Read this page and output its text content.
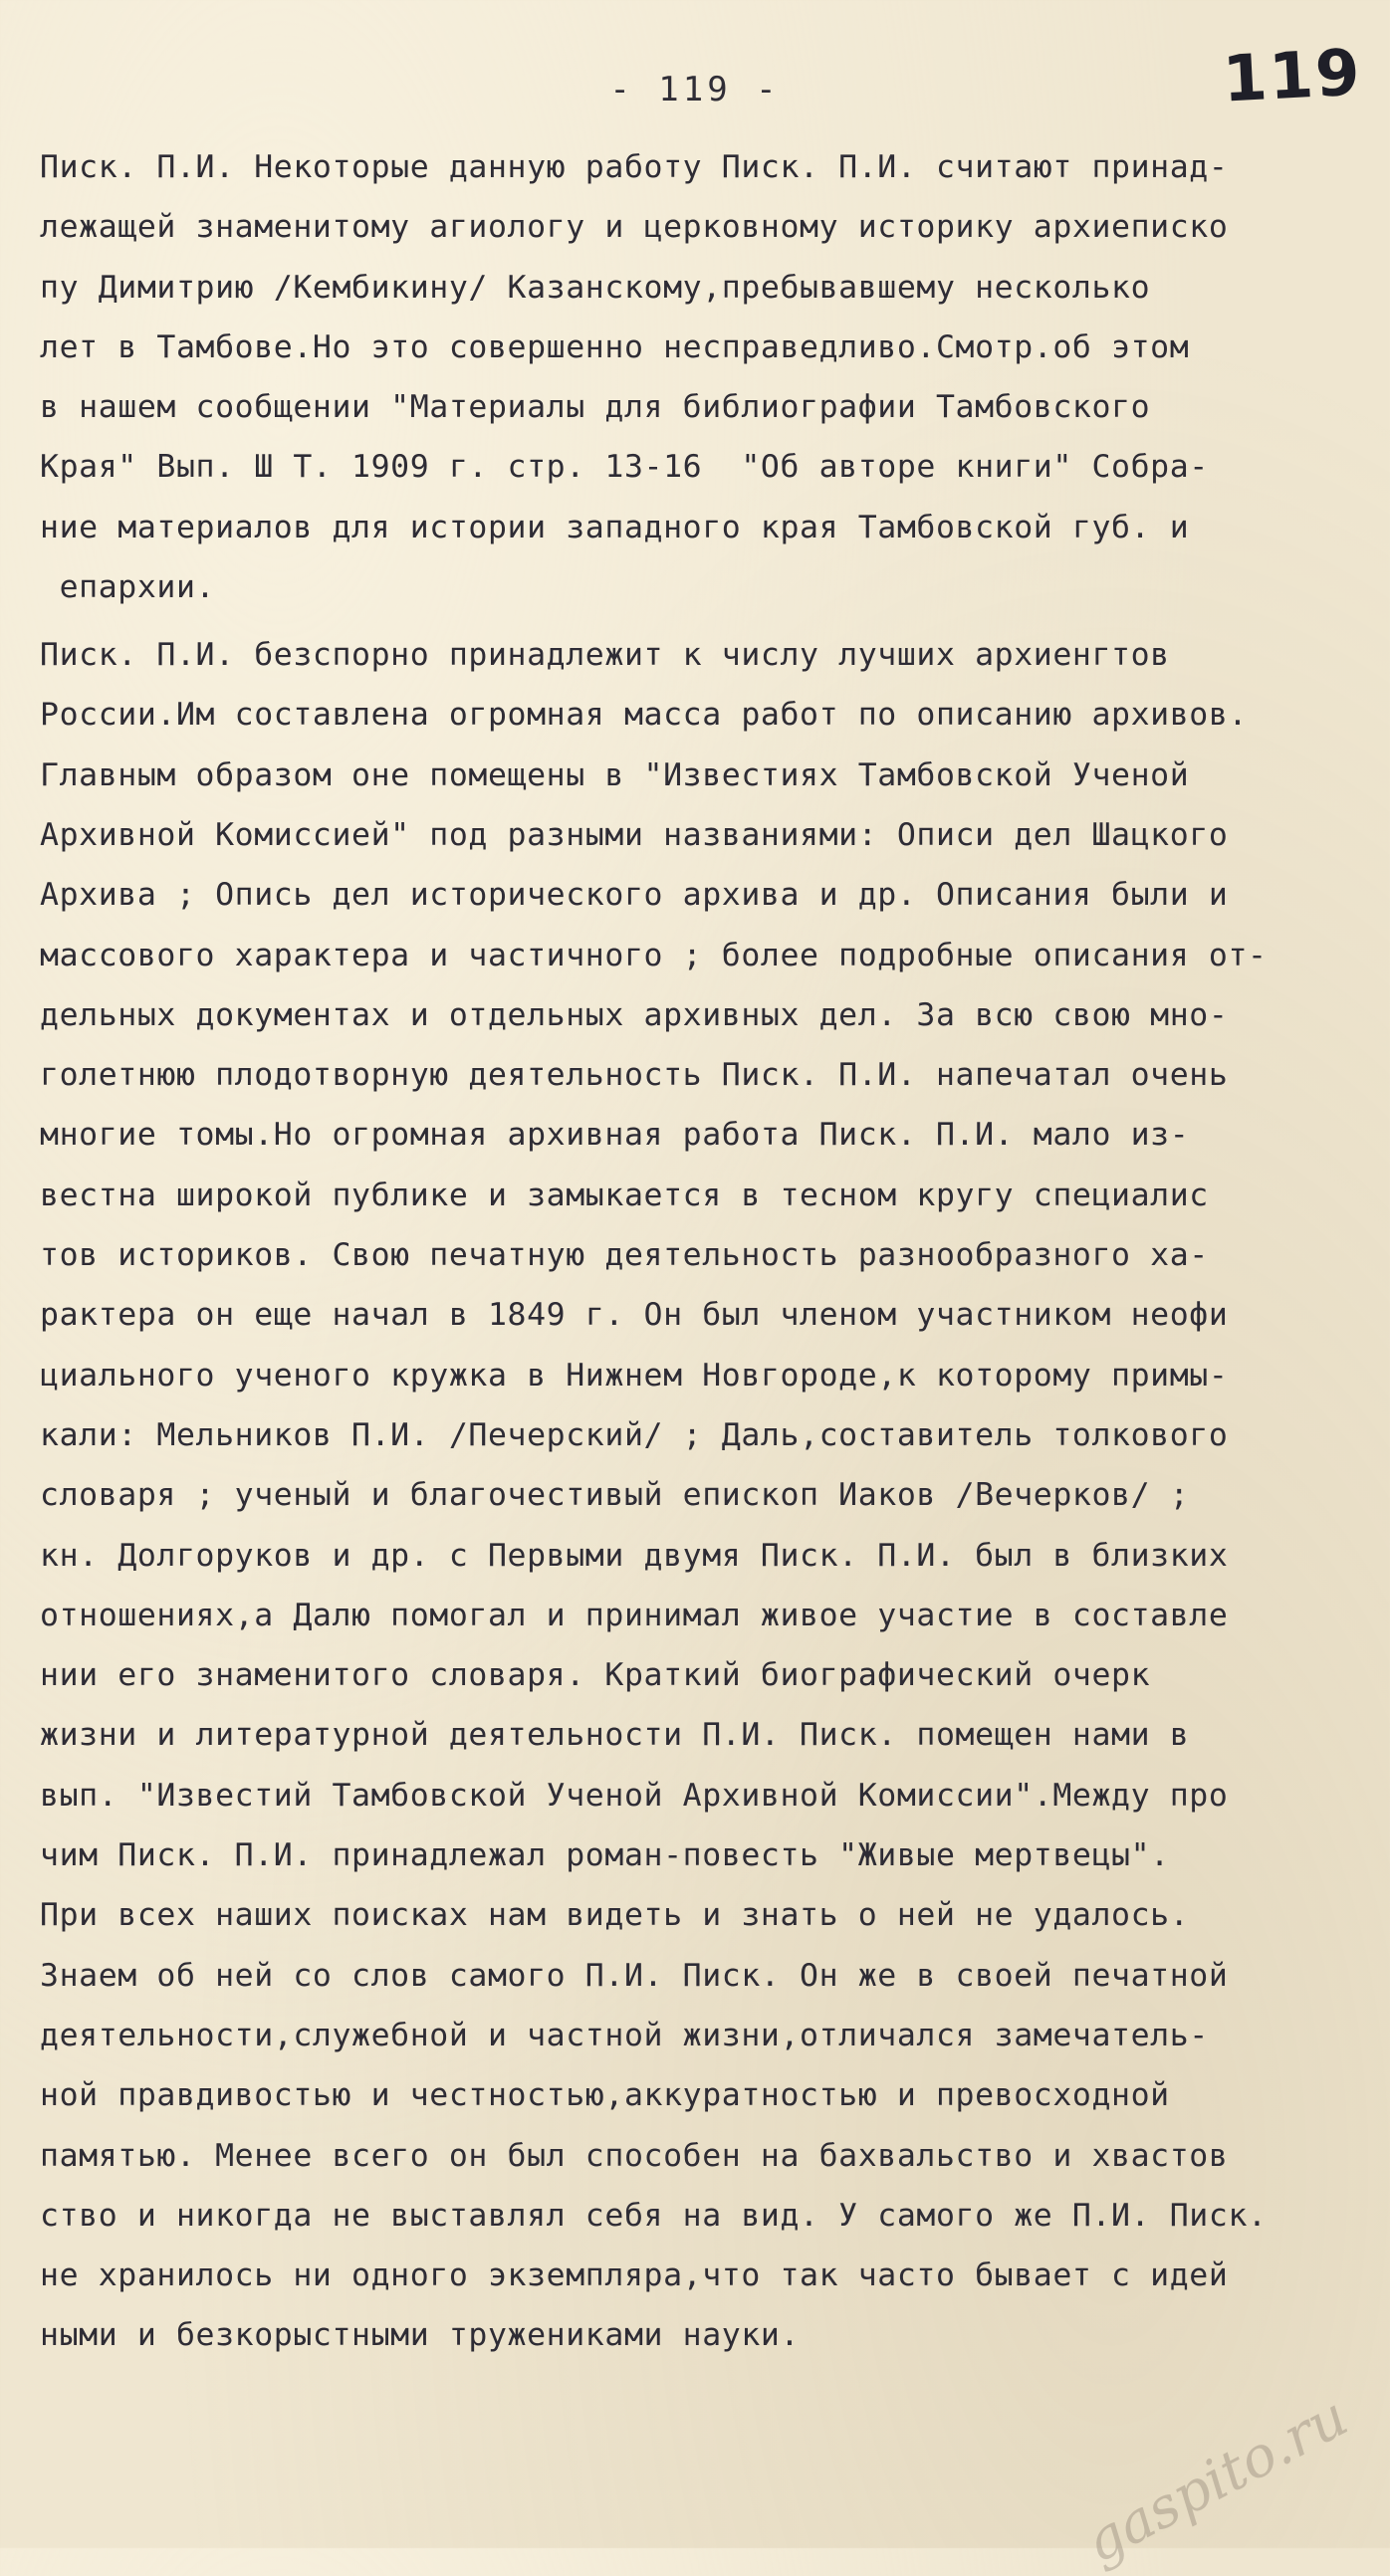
- 119 -	119
Писк. П.И. Некоторые данную работу Писк. П.И. считают принад-
лежащей знаменитому агиологу и церковному историку архиеписко
пу Димитрию /Кембикину/ Казанскому,пребывавшему несколько
лет в Тамбове.Но это совершенно несправедливо.Смотр.об этом
в нашем сообщении "Материалы для библиографии Тамбовского
Края" Вып. Ш Т. 1909 г. стр. 13-16  "Об авторе книги" Собра-
ние материалов для истории западного края Тамбовской губ. и
епархии.
Писк. П.И. безспорно принадлежит к числу лучших архиенгтов
России.Им составлена огромная масса работ по описанию архивов.
Главным образом оне помещены в "Известиях Тамбовской Ученой
Архивной Комиссией" под разными названиями: Описи дел Шацкого
Архива ; Опись дел исторического архива и др. Описания были и
массового характера и частичного ; более подробные описания от-
дельных документах и отдельных архивных дел. За всю свою мно-
голетнюю плодотворную деятельность Писк. П.И. напечатал очень
многие томы.Но огромная архивная работа Писк. П.И. мало из-
вестна широкой публике и замыкается в тесном кругу специалис
тов историков. Свою печатную деятельность разнообразного ха-
рактера он еще начал в 1849 г. Он был членом участником неофи
циального ученого кружка в Нижнем Новгороде,к которому примы-
кали: Мельников П.И. /Печерский/ ; Даль,составитель толкового
словаря ; ученый и благочестивый епископ Иаков /Вечерков/ ;
кн. Долгоруков и др. с Первыми двумя Писк. П.И. был в близких
отношениях,а Далю помогал и принимал живое участие в составле
нии его знаменитого словаря. Краткий биографический очерк
жизни и литературной деятельности П.И. Писк. помещен нами в
вып. "Известий Тамбовской Ученой Архивной Комиссии".Между про
чим Писк. П.И. принадлежал роман-повесть "Живые мертвецы".
При всех наших поисках нам видеть и знать о ней не удалось.
Знаем об ней со слов самого П.И. Писк. Он же в своей печатной
деятельности,служебной и частной жизни,отличался замечатель-
ной правдивостью и честностью,аккуратностью и превосходной
памятью. Менее всего он был способен на бахвальство и хвастов
ство и никогда не выставлял себя на вид. У самого же П.И. Писк.
не хранилось ни одного экземпляра,что так часто бывает с идей
ными и безкорыстными тружениками науки.
gaspito.ru
